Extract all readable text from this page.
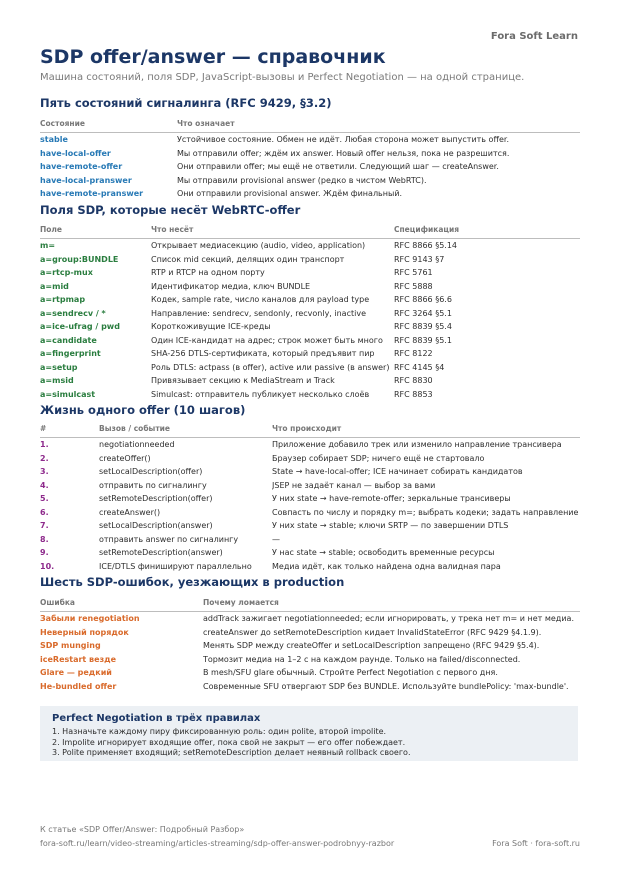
Fora Soft Learn
SDP offer/answer — справочник
Машина состояний, поля SDP, JavaScript-вызовы и Perfect Negotiation — на одной странице.
Пять состояний сигналинга (RFC 9429, §3.2)
Состояние	Что означает
stable	Устойчивое состояние. Обмен не идёт. Любая сторона может выпустить offer.
have-local-offer	Мы отправили offer; ждём их answer. Новый offer нельзя, пока не разрешится.
have-remote-offer	Они отправили offer; мы ещё не ответили. Следующий шаг — createAnswer.
have-local-pranswer	Мы отправили provisional answer (редко в чистом WebRTC).
have-remote-pranswer	Они отправили provisional answer. Ждём финальный.
Поля SDP, которые несёт WebRTC-offer
Поле	Что несёт	Спецификация
m=	Открывает медиасекцию (audio, video, application)	RFC 8866 §5.14
a=group:BUNDLE	Список mid секций, делящих один транспорт	RFC 9143 §7
a=rtcp-mux	RTP и RTCP на одном порту	RFC 5761
a=mid	Идентификатор медиа, ключ BUNDLE	RFC 5888
a=rtpmap	Кодек, sample rate, число каналов для payload type	RFC 8866 §6.6
a=sendrecv / *	Направление: sendrecv, sendonly, recvonly, inactive	RFC 3264 §5.1
a=ice-ufrag / pwd	Короткоживущие ICE-креды	RFC 8839 §5.4
a=candidate	Один ICE-кандидат на адрес; строк может быть много	RFC 8839 §5.1
a=fingerprint	SHA-256 DTLS-сертификата, который предъявит пир	RFC 8122
a=setup	Роль DTLS: actpass (в offer), active или passive (в answer)	RFC 4145 §4
a=msid	Привязывает секцию к MediaStream и Track	RFC 8830
a=simulcast	Simulcast: отправитель публикует несколько слоёв	RFC 8853
Жизнь одного offer (10 шагов)
#	Вызов / событие	Что происходит
1.	negotiationneeded	Приложение добавило трек или изменило направление трансивера
2.	createOffer()	Браузер собирает SDP; ничего ещё не стартовало
3.	setLocalDescription(offer)	State → have-local-offer; ICE начинает собирать кандидатов
4.	отправить по сигналингу	JSEP не задаёт канал — выбор за вами
5.	setRemoteDescription(offer)	У них state → have-remote-offer; зеркальные трансиверы
6.	createAnswer()	Совпасть по числу и порядку m=; выбрать кодеки; задать направление
7.	setLocalDescription(answer)	У них state → stable; ключи SRTP — по завершении DTLS
8.	отправить answer по сигналингу	—
9.	setRemoteDescription(answer)	У нас state → stable; освободить временные ресурсы
10.	ICE/DTLS финишируют параллельно	Медиа идёт, как только найдена одна валидная пара
Шесть SDP-ошибок, уезжающих в production
Ошибка	Почему ломается
Забыли renegotiation	addTrack зажигает negotiationneeded; если игнорировать, у трека нет m= и нет медиа.
Неверный порядок	createAnswer до setRemoteDescription кидает InvalidStateError (RFC 9429 §4.1.9).
SDP munging	Менять SDP между createOffer и setLocalDescription запрещено (RFC 9429 §5.4).
iceRestart везде	Тормозит медиа на 1–2 с на каждом раунде. Только на failed/disconnected.
Glare — редкий	В mesh/SFU glare обычный. Стройте Perfect Negotiation с первого дня.
He-bundled offer	Современные SFU отвергают SDP без BUNDLE. Используйте bundlePolicy: 'max-bundle'.
Perfect Negotiation в трёх правилах
1. Назначьте каждому пиру фиксированную роль: один polite, второй impolite.
2. Impolite игнорирует входящие offer, пока свой не закрыт — его offer побеждает.
3. Polite применяет входящий; setRemoteDescription делает неявный rollback своего.
К статье «SDP Offer/Answer: Подробный Разбор»
fora-soft.ru/learn/video-streaming/articles-streaming/sdp-offer-answer-podrobnyy-razbor	Fora Soft · fora-soft.ru
